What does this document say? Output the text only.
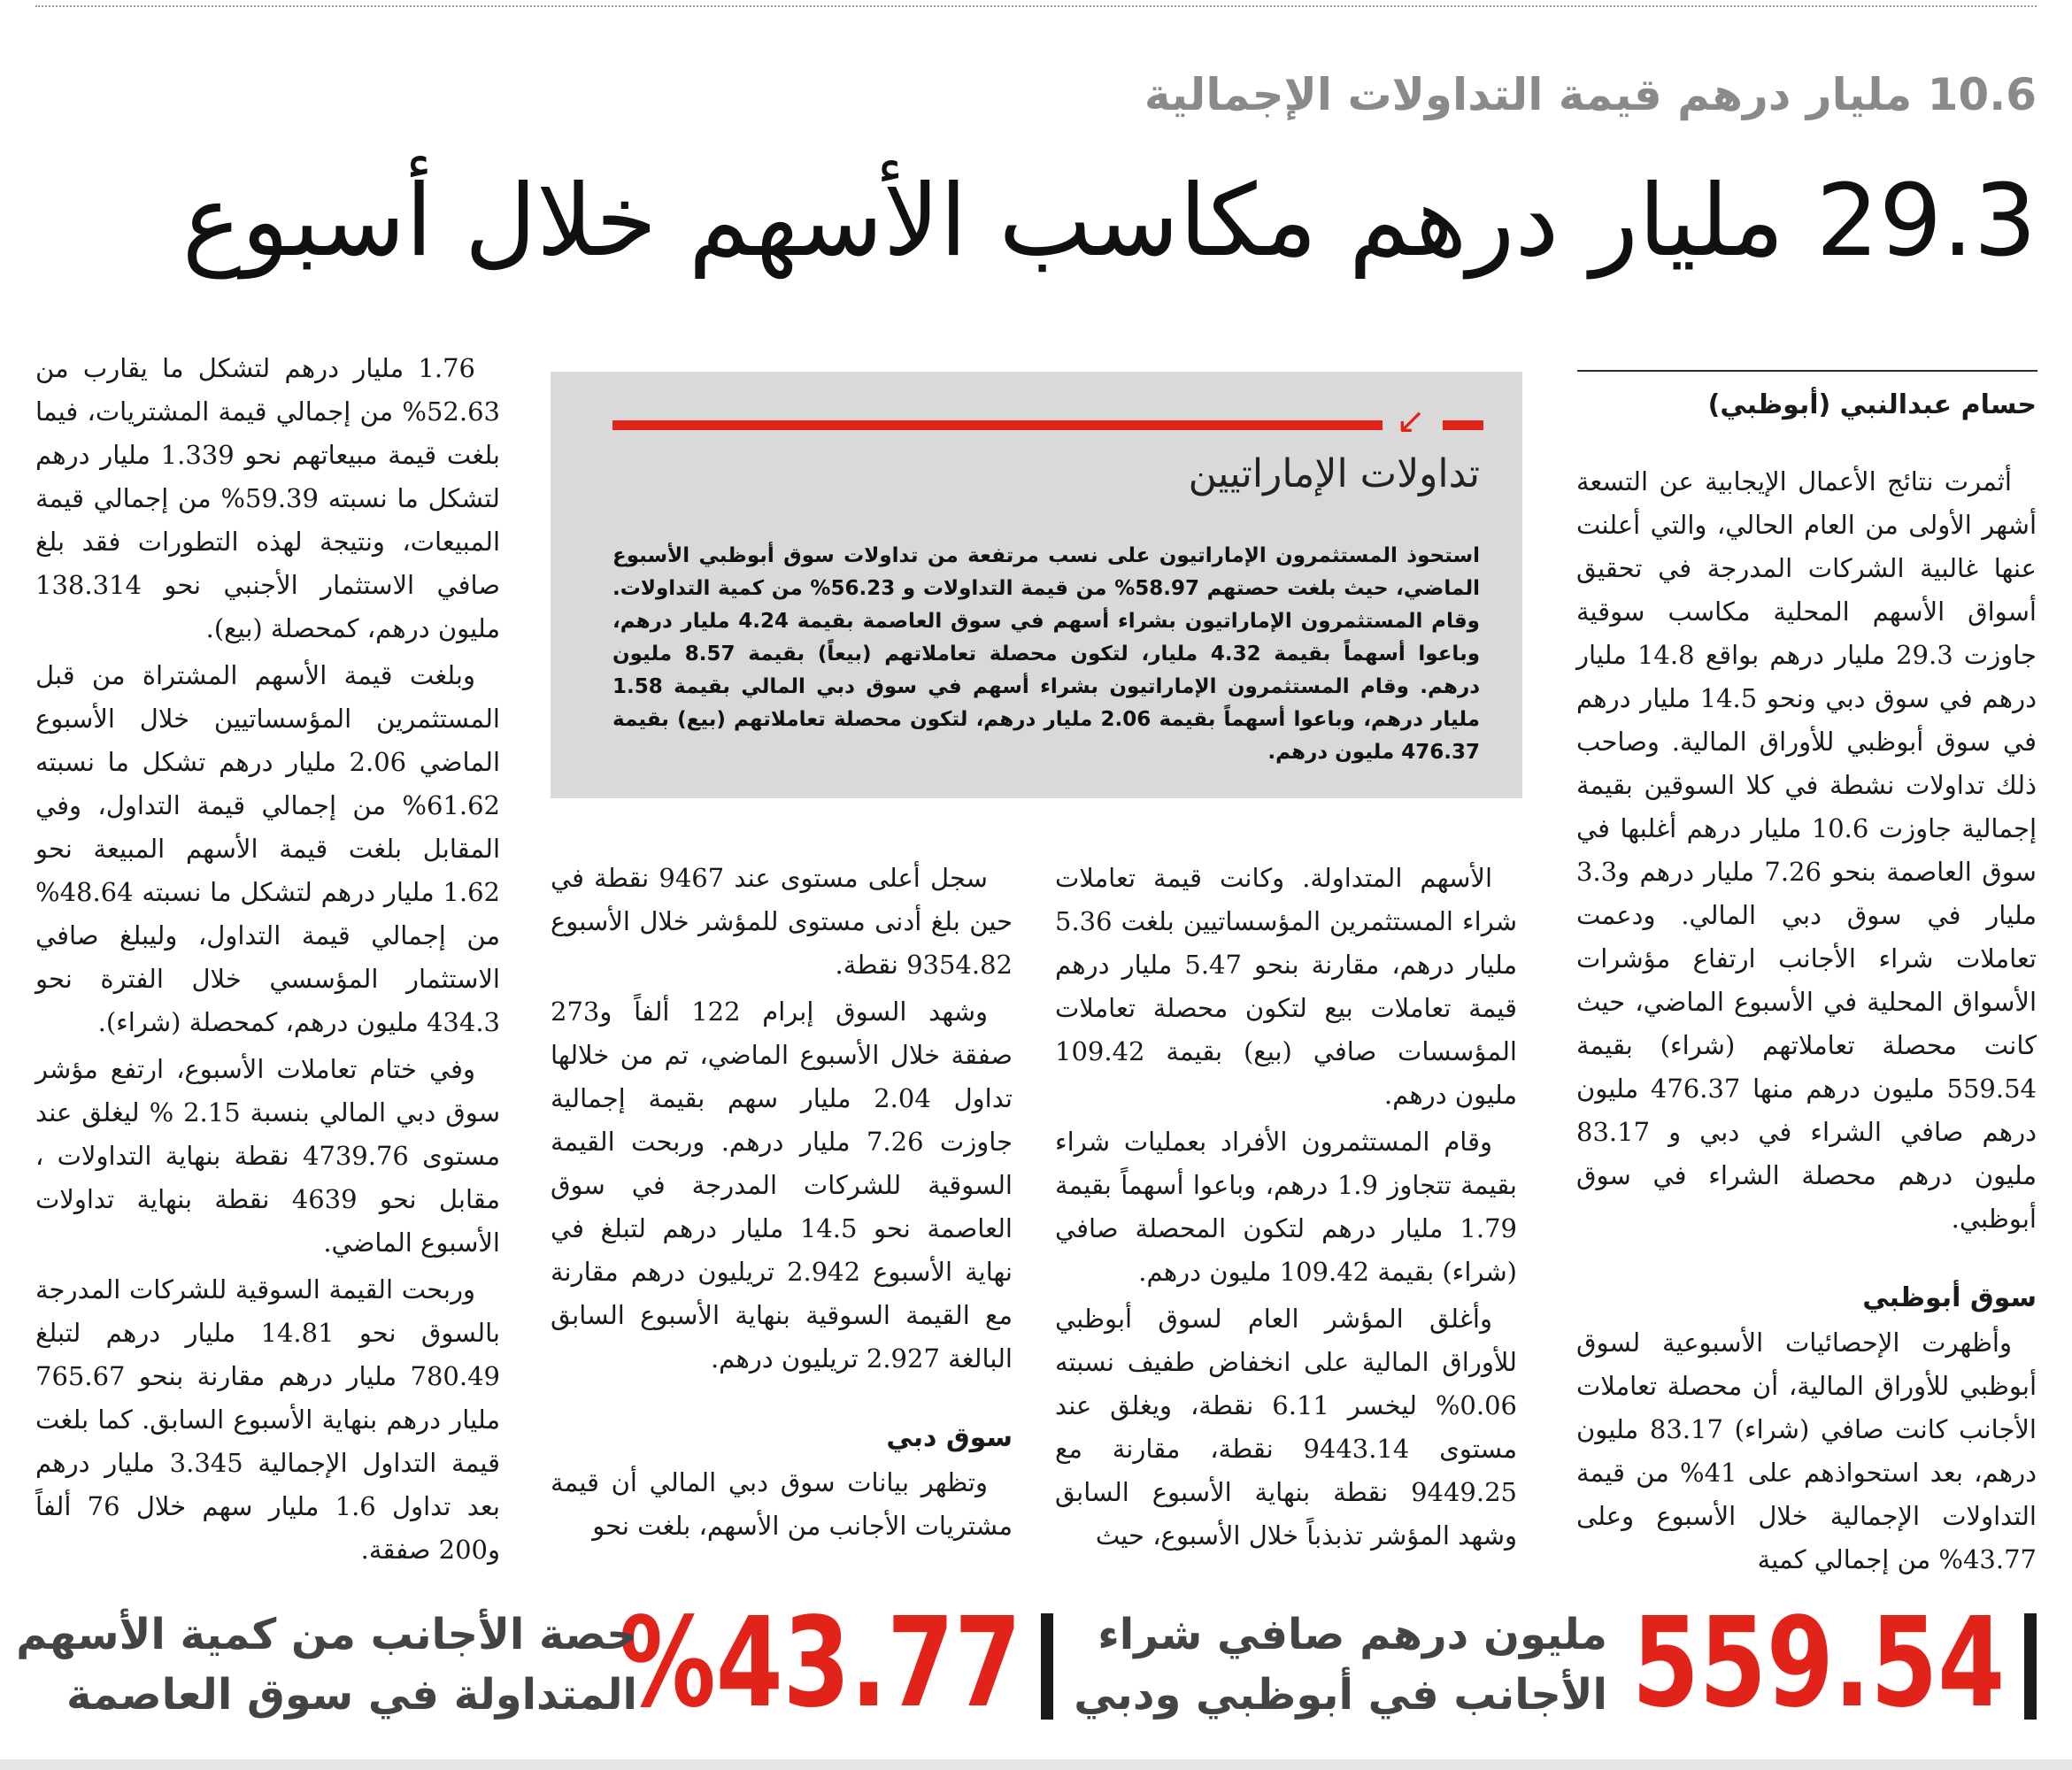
10.6 مليار درهم قيمة التداولات الإجمالية
29.3 مليار درهم مكاسب الأسهم خلال أسبوع
حسام عبدالنبي (أبوظبي)

أثمرت نتائج الأعمال الإيجابية عن التسعة أشهر الأولى من العام الحالي، والتي أعلنت عنها غالبية الشركات المدرجة في تحقيق أسواق الأسهم المحلية مكاسب سوقية جاوزت 29.3 مليار درهم بواقع 14.8 مليار درهم في سوق دبي ونحو 14.5 مليار درهم في سوق أبوظبي للأوراق المالية. وصاحب ذلك تداولات نشطة في كلا السوقين بقيمة إجمالية جاوزت 10.6 مليار درهم أغلبها في سوق العاصمة بنحو 7.26 مليار درهم و3.3 مليار في سوق دبي المالي. ودعمت تعاملات شراء الأجانب ارتفاع مؤشرات الأسواق المحلية في الأسبوع الماضي، حيث كانت محصلة تعاملاتهم (شراء) بقيمة 559.54 مليون درهم منها 476.37 مليون درهم صافي الشراء في دبي و 83.17 مليون درهم محصلة الشراء في سوق أبوظبي.

سوق أبوظبي

وأظهرت الإحصائيات الأسبوعية لسوق أبوظبي للأوراق المالية، أن محصلة تعاملات الأجانب كانت صافي (شراء) 83.17 مليون درهم، بعد استحواذهم على 41% من قيمة التداولات الإجمالية خلال الأسبوع وعلى 43.77% من إجمالي كمية

↙
تداولات الإماراتيين
استحوذ المستثمرون الإماراتيون على نسب مرتفعة من تداولات سوق أبوظبي الأسبوع الماضي، حيث بلغت حصتهم 58.97% من قيمة التداولات و 56.23% من كمية التداولات. وقام المستثمرون الإماراتيون بشراء أسهم في سوق العاصمة بقيمة 4.24 مليار درهم، وباعوا أسهماً بقيمة 4.32 مليار، لتكون محصلة تعاملاتهم (بيعاً) بقيمة 8.57 مليون درهم. وقام المستثمرون الإماراتيون بشراء أسهم في سوق دبي المالي بقيمة 1.58 مليار درهم، وباعوا أسهماً بقيمة 2.06 مليار درهم، لتكون محصلة تعاملاتهم (بيع) بقيمة 476.37 مليون درهم.

الأسهم المتداولة. وكانت قيمة تعاملات شراء المستثمرين المؤسساتيين بلغت 5.36 مليار درهم، مقارنة بنحو 5.47 مليار درهم قيمة تعاملات بيع لتكون محصلة تعاملات المؤسسات صافي (بيع) بقيمة 109.42 مليون درهم.

وقام المستثمرون الأفراد بعمليات شراء بقيمة تتجاوز 1.9 درهم، وباعوا أسهماً بقيمة 1.79 مليار درهم لتكون المحصلة صافي (شراء) بقيمة 109.42 مليون درهم.

وأغلق المؤشر العام لسوق أبوظبي للأوراق المالية على انخفاض طفيف نسبته 0.06% ليخسر 6.11 نقطة، ويغلق عند مستوى 9443.14 نقطة، مقارنة مع 9449.25 نقطة بنهاية الأسبوع السابق وشهد المؤشر تذبذباً خلال الأسبوع، حيث

سجل أعلى مستوى عند 9467 نقطة في حين بلغ أدنى مستوى للمؤشر خلال الأسبوع 9354.82 نقطة.

وشهد السوق إبرام 122 ألفاً و273 صفقة خلال الأسبوع الماضي، تم من خلالها تداول 2.04 مليار سهم بقيمة إجمالية جاوزت 7.26 مليار درهم. وربحت القيمة السوقية للشركات المدرجة في سوق العاصمة نحو 14.5 مليار درهم لتبلغ في نهاية الأسبوع 2.942 تريليون درهم مقارنة مع القيمة السوقية بنهاية الأسبوع السابق البالغة 2.927 تريليون درهم.

سوق دبي

وتظهر بيانات سوق دبي المالي أن قيمة مشتريات الأجانب من الأسهم، بلغت نحو

1.76 مليار درهم لتشكل ما يقارب من 52.63% من إجمالي قيمة المشتريات، فيما بلغت قيمة مبيعاتهم نحو 1.339 مليار درهم لتشكل ما نسبته 59.39% من إجمالي قيمة المبيعات، ونتيجة لهذه التطورات فقد بلغ صافي الاستثمار الأجنبي نحو 138.314 مليون درهم، كمحصلة (بيع).

وبلغت قيمة الأسهم المشتراة من قبل المستثمرين المؤسساتيين خلال الأسبوع الماضي 2.06 مليار درهم تشكل ما نسبته 61.62% من إجمالي قيمة التداول، وفي المقابل بلغت قيمة الأسهم المبيعة نحو 1.62 مليار درهم لتشكل ما نسبته 48.64% من إجمالي قيمة التداول، وليبلغ صافي الاستثمار المؤسسي خلال الفترة نحو 434.3 مليون درهم، كمحصلة (شراء).

وفي ختام تعاملات الأسبوع، ارتفع مؤشر سوق دبي المالي بنسبة 2.15 % ليغلق عند مستوى 4739.76 نقطة بنهاية التداولات ، مقابل نحو 4639 نقطة بنهاية تداولات الأسبوع الماضي.

وربحت القيمة السوقية للشركات المدرجة بالسوق نحو 14.81 مليار درهم لتبلغ 780.49 مليار درهم مقارنة بنحو 765.67 مليار درهم بنهاية الأسبوع السابق. كما بلغت قيمة التداول الإجمالية 3.345 مليار درهم بعد تداول 1.6 مليار سهم خلال 76 ألفاً و200 صفقة.

559.54
مليون درهم صافي شراء
الأجانب في أبوظبي ودبي
%43.77
حصة الأجانب من كمية الأسهم
المتداولة في سوق العاصمة
